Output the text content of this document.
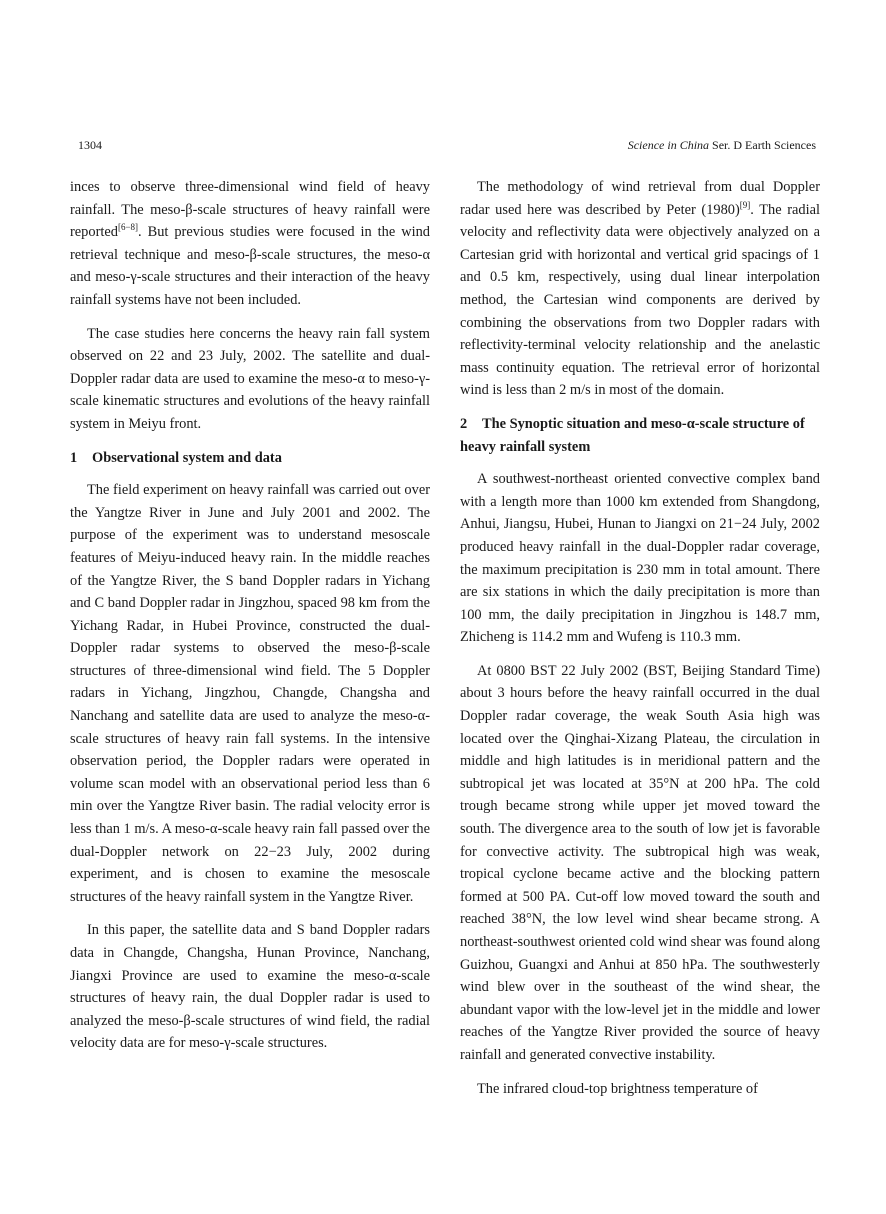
1304	Science in China Ser. D Earth Sciences

inces to observe three-dimensional wind field of heavy rainfall. The meso-β-scale structures of heavy rainfall were reported[6−8]. But previous studies were focused in the wind retrieval technique and meso-β-scale structures, the meso-α and meso-γ-scale structures and their interaction of the heavy rainfall systems have not been included.

The case studies here concerns the heavy rain fall system observed on 22 and 23 July, 2002. The satellite and dual-Doppler radar data are used to examine the meso-α to meso-γ-scale kinematic structures and evolutions of the heavy rainfall system in Meiyu front.

1 Observational system and data

The field experiment on heavy rainfall was carried out over the Yangtze River in June and July 2001 and 2002. The purpose of the experiment was to understand mesoscale features of Meiyu-induced heavy rain. In the middle reaches of the Yangtze River, the S band Doppler radars in Yichang and C band Doppler radar in Jingzhou, spaced 98 km from the Yichang Radar, in Hubei Province, constructed the dual-Doppler radar systems to observed the meso-β-scale structures of three-dimensional wind field. The 5 Doppler radars in Yichang, Jingzhou, Changde, Changsha and Nanchang and satellite data are used to analyze the meso-α-scale structures of heavy rain fall systems. In the intensive observation period, the Doppler radars were operated in volume scan model with an observational period less than 6 min over the Yangtze River basin. The radial velocity error is less than 1 m/s. A meso-α-scale heavy rain fall passed over the dual-Doppler network on 22−23 July, 2002 during experiment, and is chosen to examine the mesoscale structures of the heavy rainfall system in the Yangtze River.

In this paper, the satellite data and S band Doppler radars data in Changde, Changsha, Hunan Province, Nanchang, Jiangxi Province are used to examine the meso-α-scale structures of heavy rain, the dual Doppler radar is used to analyzed the meso-β-scale structures of wind field, the radial velocity data are for meso-γ-scale structures.

The methodology of wind retrieval from dual Doppler radar used here was described by Peter (1980)[9]. The radial velocity and reflectivity data were objectively analyzed on a Cartesian grid with horizontal and vertical grid spacings of 1 and 0.5 km, respectively, using dual linear interpolation method, the Cartesian wind components are derived by combining the observations from two Doppler radars with reflectivity-terminal velocity relationship and the anelastic mass continuity equation. The retrieval error of horizontal wind is less than 2 m/s in most of the domain.

2 The Synoptic situation and meso-α-scale structure of heavy rainfall system

A southwest-northeast oriented convective complex band with a length more than 1000 km extended from Shangdong, Anhui, Jiangsu, Hubei, Hunan to Jiangxi on 21−24 July, 2002 produced heavy rainfall in the dual-Doppler radar coverage, the maximum precipitation is 230 mm in total amount. There are six stations in which the daily precipitation is more than 100 mm, the daily precipitation in Jingzhou is 148.7 mm, Zhicheng is 114.2 mm and Wufeng is 110.3 mm.

At 0800 BST 22 July 2002 (BST, Beijing Standard Time) about 3 hours before the heavy rainfall occurred in the dual Doppler radar coverage, the weak South Asia high was located over the Qinghai-Xizang Plateau, the circulation in middle and high latitudes is in meridional pattern and the subtropical jet was located at 35°N at 200 hPa. The cold trough became strong while upper jet moved toward the south. The divergence area to the south of low jet is favorable for convective activity. The subtropical high was weak, tropical cyclone became active and the blocking pattern formed at 500 PA. Cut-off low moved toward the south and reached 38°N, the low level wind shear became strong. A northeast-southwest oriented cold wind shear was found along Guizhou, Guangxi and Anhui at 850 hPa. The southwesterly wind blew over in the southeast of the wind shear, the abundant vapor with the low-level jet in the middle and lower reaches of the Yangtze River provided the source of heavy rainfall and generated convective instability.

The infrared cloud-top brightness temperature of
